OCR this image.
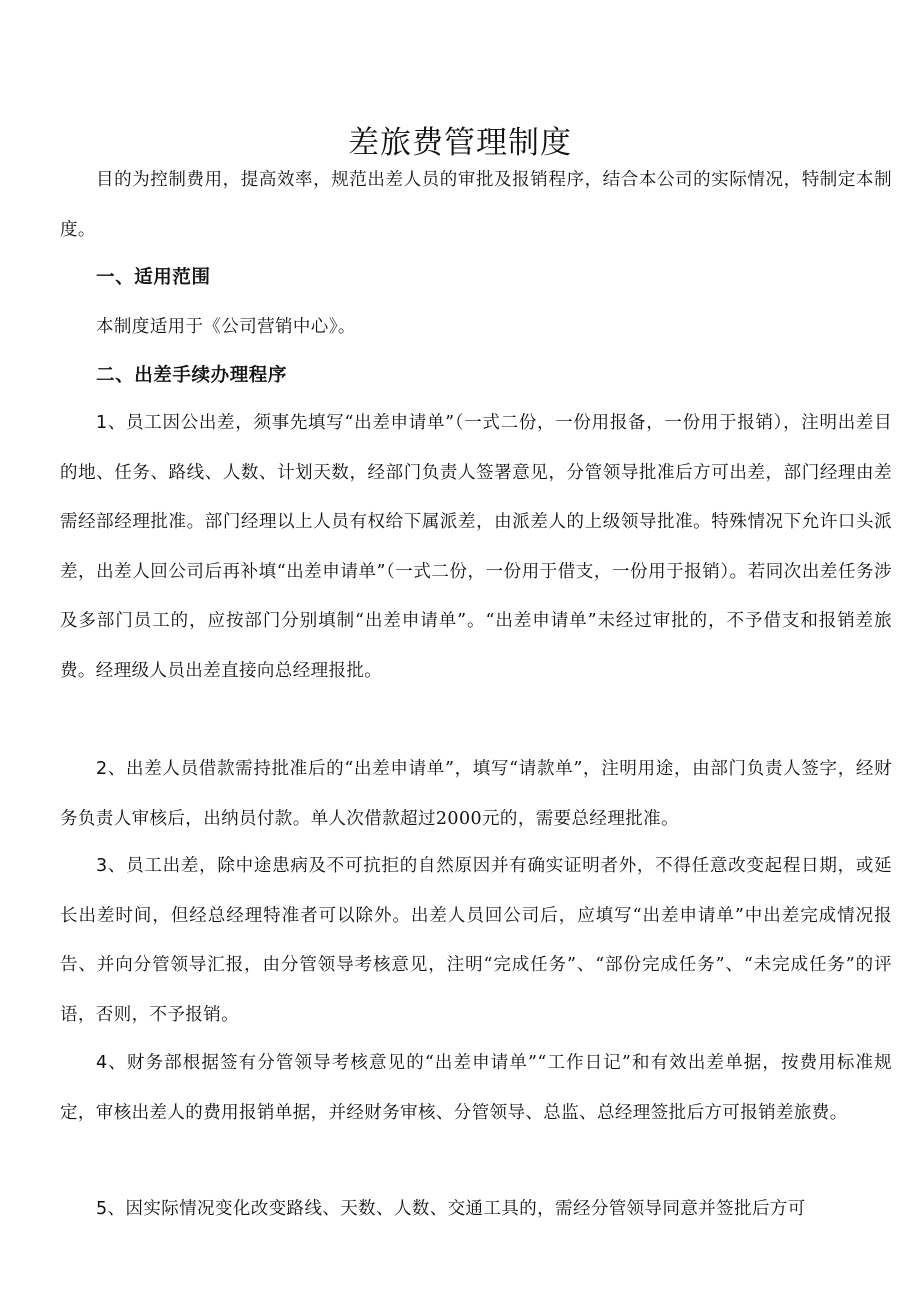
差旅费管理制度

目的为控制费用，提高效率，规范出差人员的审批及报销程序，结合本公司的实际情况，特制定本制度。

一、适用范围

本制度适用于《公司营销中心》。

二、出差手续办理程序

1、员工因公出差，须事先填写“出差申请单”（一式二份，一份用报备，一份用于报销），注明出差目的地、任务、路线、人数、计划天数，经部门负责人签署意见，分管领导批准后方可出差，部门经理由差需经部经理批准。部门经理以上人员有权给下属派差，由派差人的上级领导批准。特殊情况下允许口头派差，出差人回公司后再补填“出差申请单”（一式二份，一份用于借支，一份用于报销）。若同次出差任务涉及多部门员工的，应按部门分别填制“出差申请单”。“出差申请单”未经过审批的，不予借支和报销差旅费。经理级人员出差直接向总经理报批。

2、出差人员借款需持批准后的“出差申请单”，填写“请款单”，注明用途，由部门负责人签字，经财务负责人审核后，出纳员付款。单人次借款超过2000元的，需要总经理批准。

3、员工出差，除中途患病及不可抗拒的自然原因并有确实证明者外，不得任意改变起程日期，或延长出差时间，但经总经理特准者可以除外。出差人员回公司后，应填写“出差申请单”中出差完成情况报告、并向分管领导汇报，由分管领导考核意见，注明“完成任务”、“部份完成任务”、“未完成任务”的评语，否则，不予报销。

4、财务部根据签有分管领导考核意见的“出差申请单”“工作日记”和有效出差单据，按费用标准规定，审核出差人的费用报销单据，并经财务审核、分管领导、总监、总经理签批后方可报销差旅费。

5、因实际情况变化改变路线、天数、人数、交通工具的，需经分管领导同意并签批后方可
